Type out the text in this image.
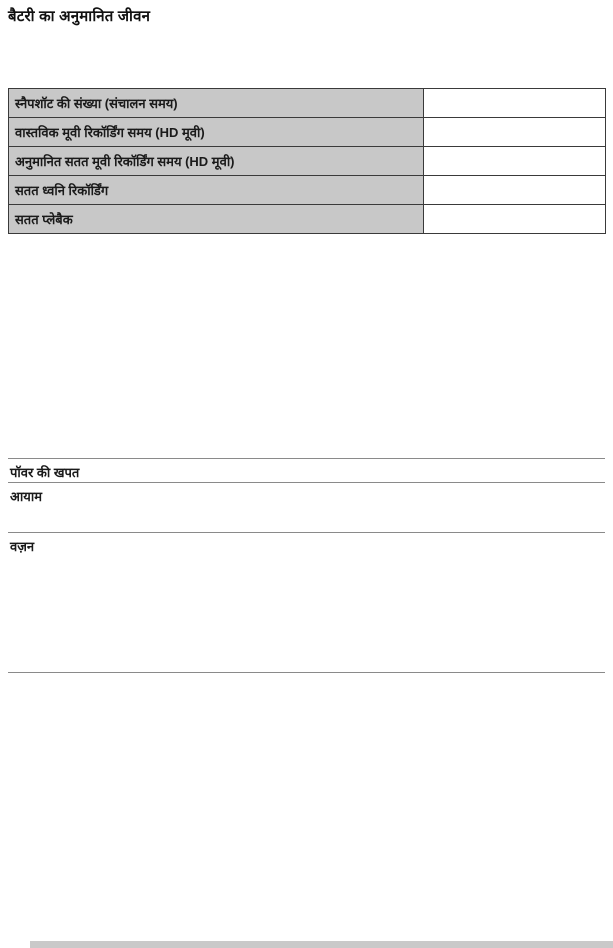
बैटरी का अनुमानित जीवन
स्नैपशॉट की संख्या (संचालन समय)	
वास्तविक मूवी रिकॉर्डिंग समय (HD मूवी)	
अनुमानित सतत मूवी रिकॉर्डिंग समय (HD मूवी)	
सतत ध्वनि रिकॉर्डिंग	
सतत प्लेबैक	
पॉवर की खपत
आयाम
वज़न
